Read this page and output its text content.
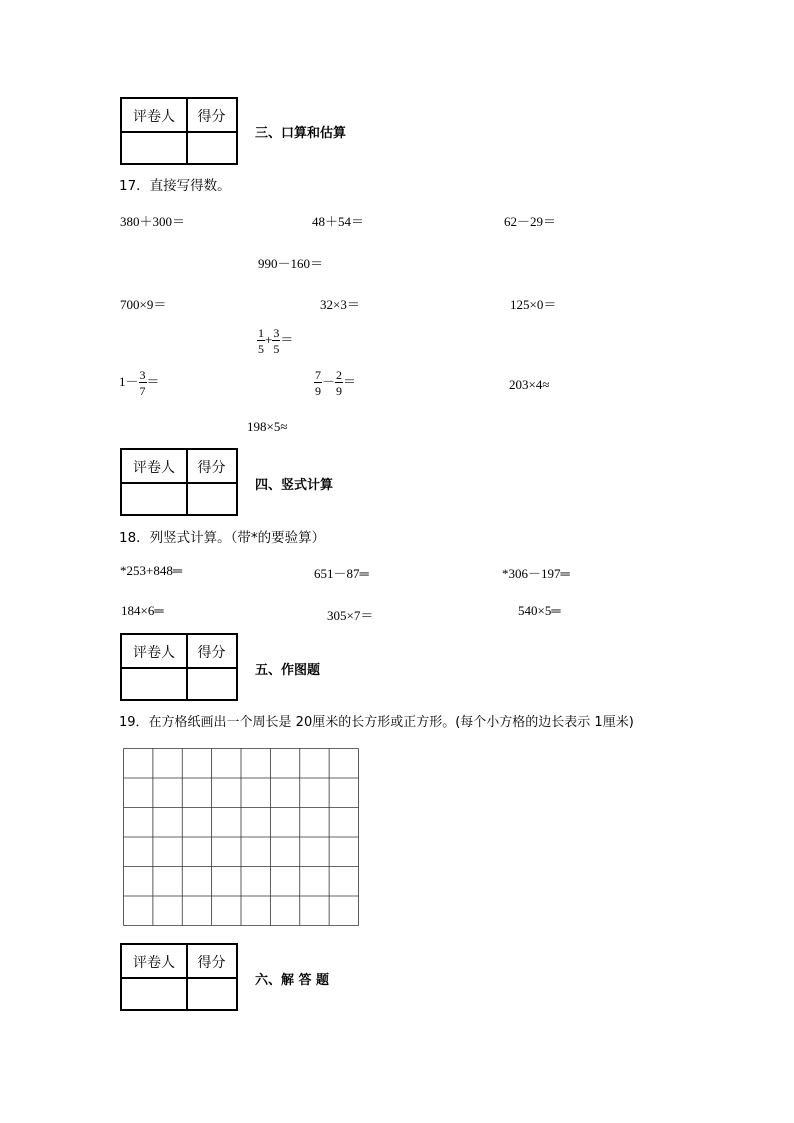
评卷人	得分
三、口算和估算
17．直接写得数。
380＋300＝	48＋54＝	62－29＝
990－160＝
700×9＝	32×3＝	125×0＝
$\frac{1}{5} + \frac{3}{5}$ ＝
$1- \frac{3}{7}$ ＝	$\frac{7}{9} - \frac{2}{9}$ ＝	203×4≈
198×5≈
评卷人	得分
四、竖式计算
18．列竖式计算。（带*的要验算）
*253+848═	651－87═	*306－197═
184×6═	305×7＝	540×5═
评卷人	得分
五、作图题
19．在方格纸画出一个周长是 20厘米的长方形或正方形。(每个小方格的边长表示 1厘米)
评卷人	得分
六、解 答 题
